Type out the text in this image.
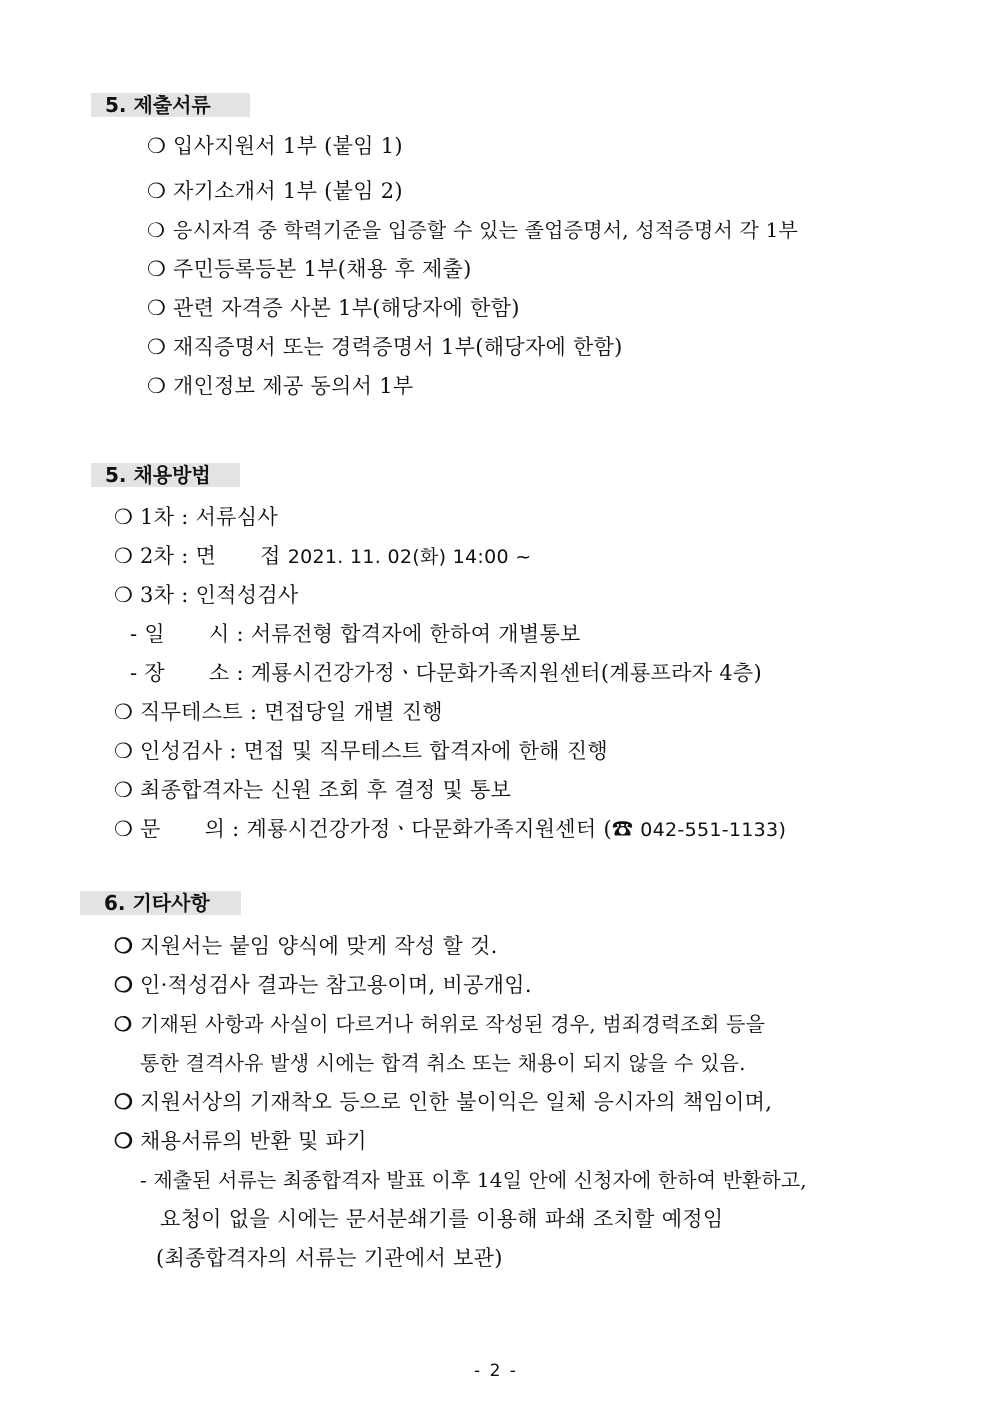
5. 제출서류
❍ 입사지원서 1부 (붙임 1)
❍ 자기소개서 1부 (붙임 2)
❍ 응시자격 중 학력기준을 입증할 수 있는 졸업증명서, 성적증명서 각 1부
❍ 주민등록등본 1부(채용 후 제출)
❍ 관련 자격증 사본 1부(해당자에 한함)
❍ 재직증명서 또는 경력증명서 1부(해당자에 한함)
❍ 개인정보 제공 동의서 1부
5. 채용방법
❍ 1차 : 서류심사
❍ 2차 : 면 접 2021. 11. 02(화) 14:00 ~
❍ 3차 : 인적성검사
- 일 시 : 서류전형 합격자에 한하여 개별통보
- 장 소 : 계룡시건강가정ㆍ다문화가족지원센터(계룡프라자 4층)
❍ 직무테스트 : 면접당일 개별 진행
❍ 인성검사 : 면접 및 직무테스트 합격자에 한해 진행
❍ 최종합격자는 신원 조회 후 결정 및 통보
❍ 문 의 : 계룡시건강가정ㆍ다문화가족지원센터 (☎ 042-551-1133)
6. 기타사항
❍ 지원서는 붙임 양식에 맞게 작성 할 것.
❍ 인·적성검사 결과는 참고용이며, 비공개임.
❍ 기재된 사항과 사실이 다르거나 허위로 작성된 경우, 범죄경력조회 등을
통한 결격사유 발생 시에는 합격 취소 또는 채용이 되지 않을 수 있음.
❍ 지원서상의 기재착오 등으로 인한 불이익은 일체 응시자의 책임이며,
❍ 채용서류의 반환 및 파기
- 제출된 서류는 최종합격자 발표 이후 14일 안에 신청자에 한하여 반환하고,
요청이 없을 시에는 문서분쇄기를 이용해 파쇄 조치할 예정임
(최종합격자의 서류는 기관에서 보관)
- 2 -
